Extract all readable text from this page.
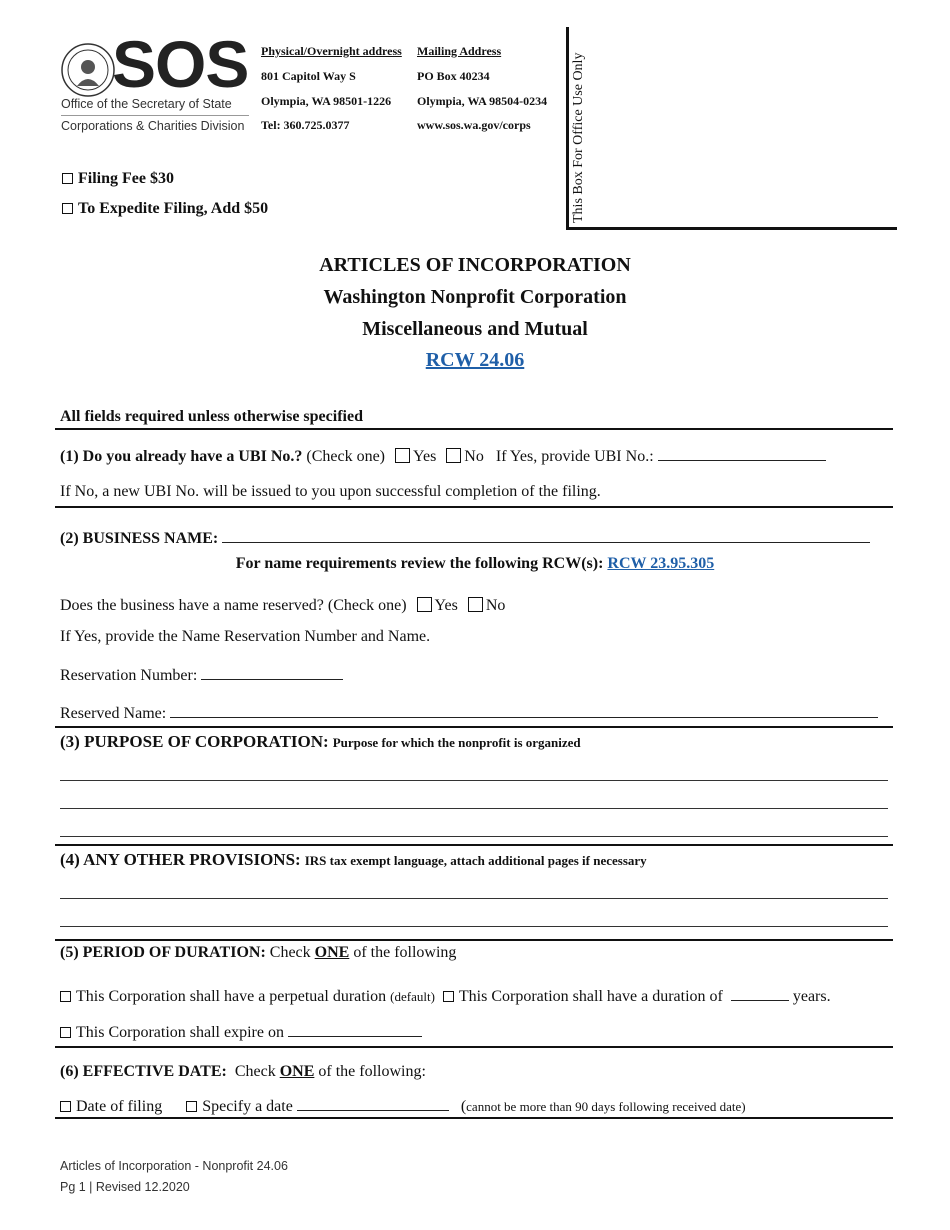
SOS
Office of the Secretary of State
Corporations & Charities Division
Physical/Overnight address
801 Capitol Way S
Olympia, WA 98501-1226
Tel: 360.725.0377
Mailing Address
PO Box 40234
Olympia, WA 98504-0234
www.sos.wa.gov/corps	This Box For Office Use Only
Filing Fee $30
To Expedite Filing, Add $50
ARTICLES OF INCORPORATION
Washington Nonprofit Corporation
Miscellaneous and Mutual
RCW 24.06
All fields required unless otherwise specified
(1) Do you already have a UBI No.? (Check one) Yes No If Yes, provide UBI No.:
If No, a new UBI No. will be issued to you upon successful completion of the filing.
(2) BUSINESS NAME:
For name requirements review the following RCW(s): RCW 23.95.305
Does the business have a name reserved? (Check one) Yes No
If Yes, provide the Name Reservation Number and Name.
Reservation Number:
Reserved Name:
(3) PURPOSE OF CORPORATION: Purpose for which the nonprofit is organized
(4) ANY OTHER PROVISIONS: IRS tax exempt language, attach additional pages if necessary
(5) PERIOD OF DURATION: Check ONE of the following
This Corporation shall have a perpetual duration (default) This Corporation shall have a duration of	years.
This Corporation shall expire on
(6) EFFECTIVE DATE: Check ONE of the following:
Date of filing	Specify a date	(cannot be more than 90 days following received date)
Articles of Incorporation - Nonprofit 24.06
Pg 1 | Revised 12.2020
